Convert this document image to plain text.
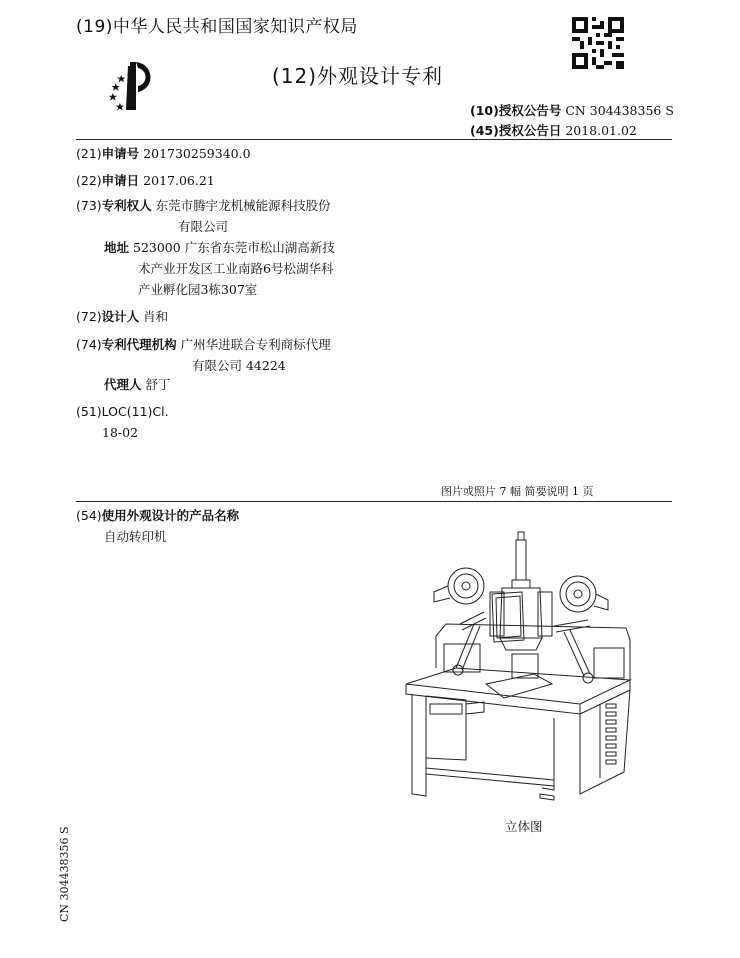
(19)中华人民共和国国家知识产权局
(12)外观设计专利
(10)授权公告号 CN 304438356 S
(45)授权公告日 2018.01.02
(21)申请号 201730259340.0
(22)申请日 2017.06.21
(73)专利权人 东莞市腾宇龙机械能源科技股份
有限公司
地址 523000 广东省东莞市松山湖高新技
术产业开发区工业南路6号松湖华科
产业孵化园3栋307室
(72)设计人 肖和
(74)专利代理机构 广州华进联合专利商标代理
有限公司 44224
代理人 舒丁
(51)LOC(11)Cl.
18-02
图片或照片 7 幅 简要说明 1 页
(54)使用外观设计的产品名称
自动转印机
立体图
CN 304438356 S
